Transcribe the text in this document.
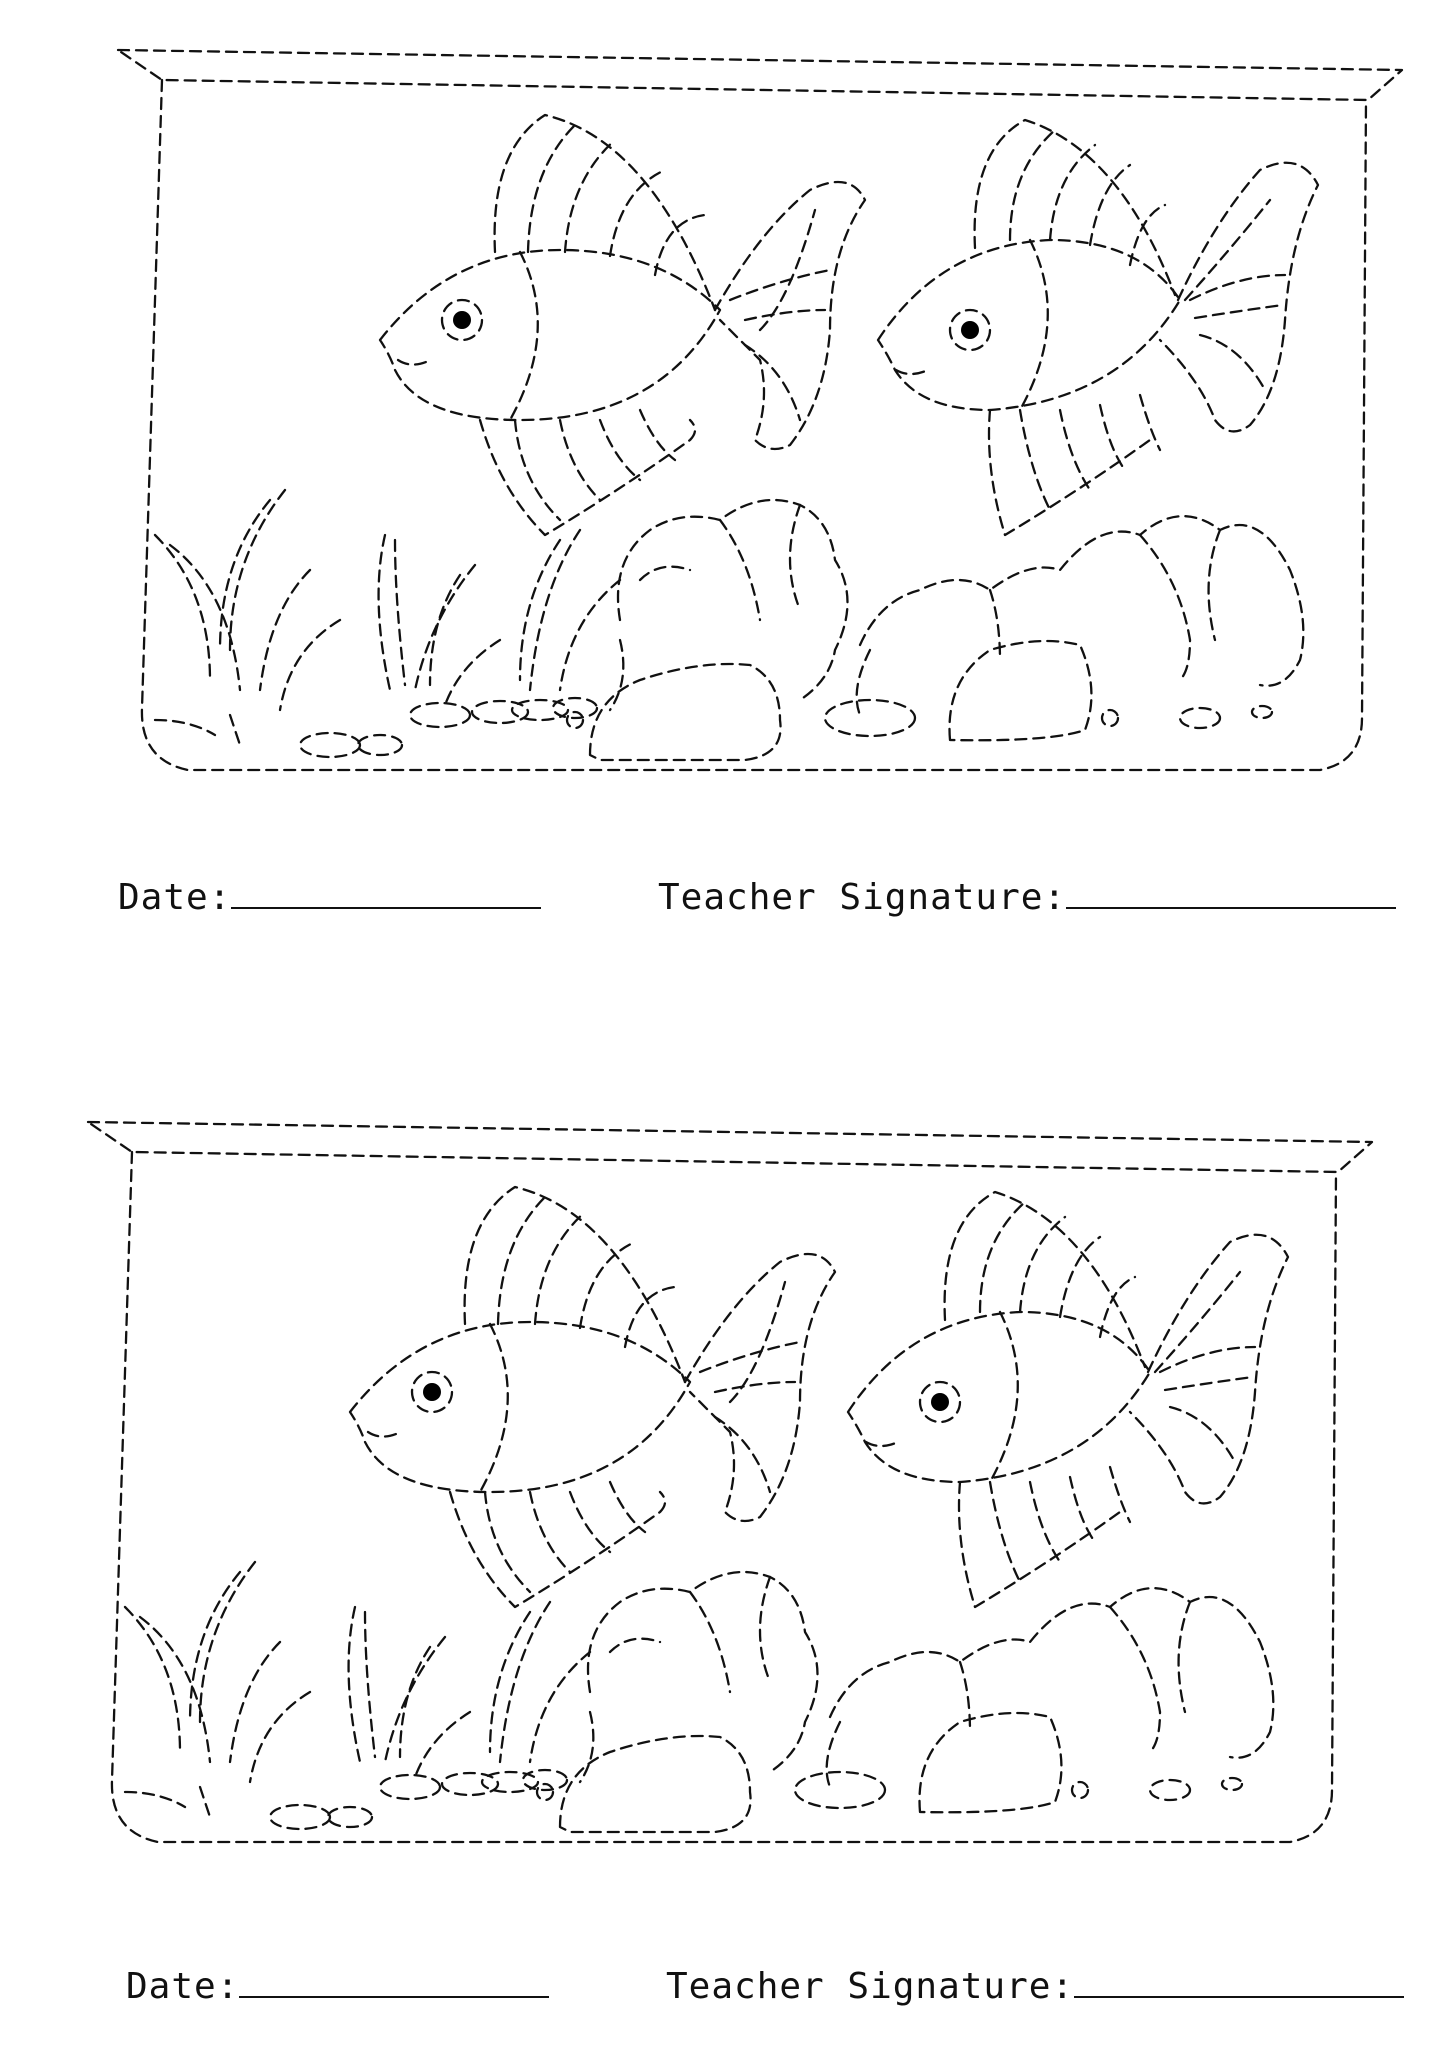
Date:	Teacher Signature:
Date:	Teacher Signature:
